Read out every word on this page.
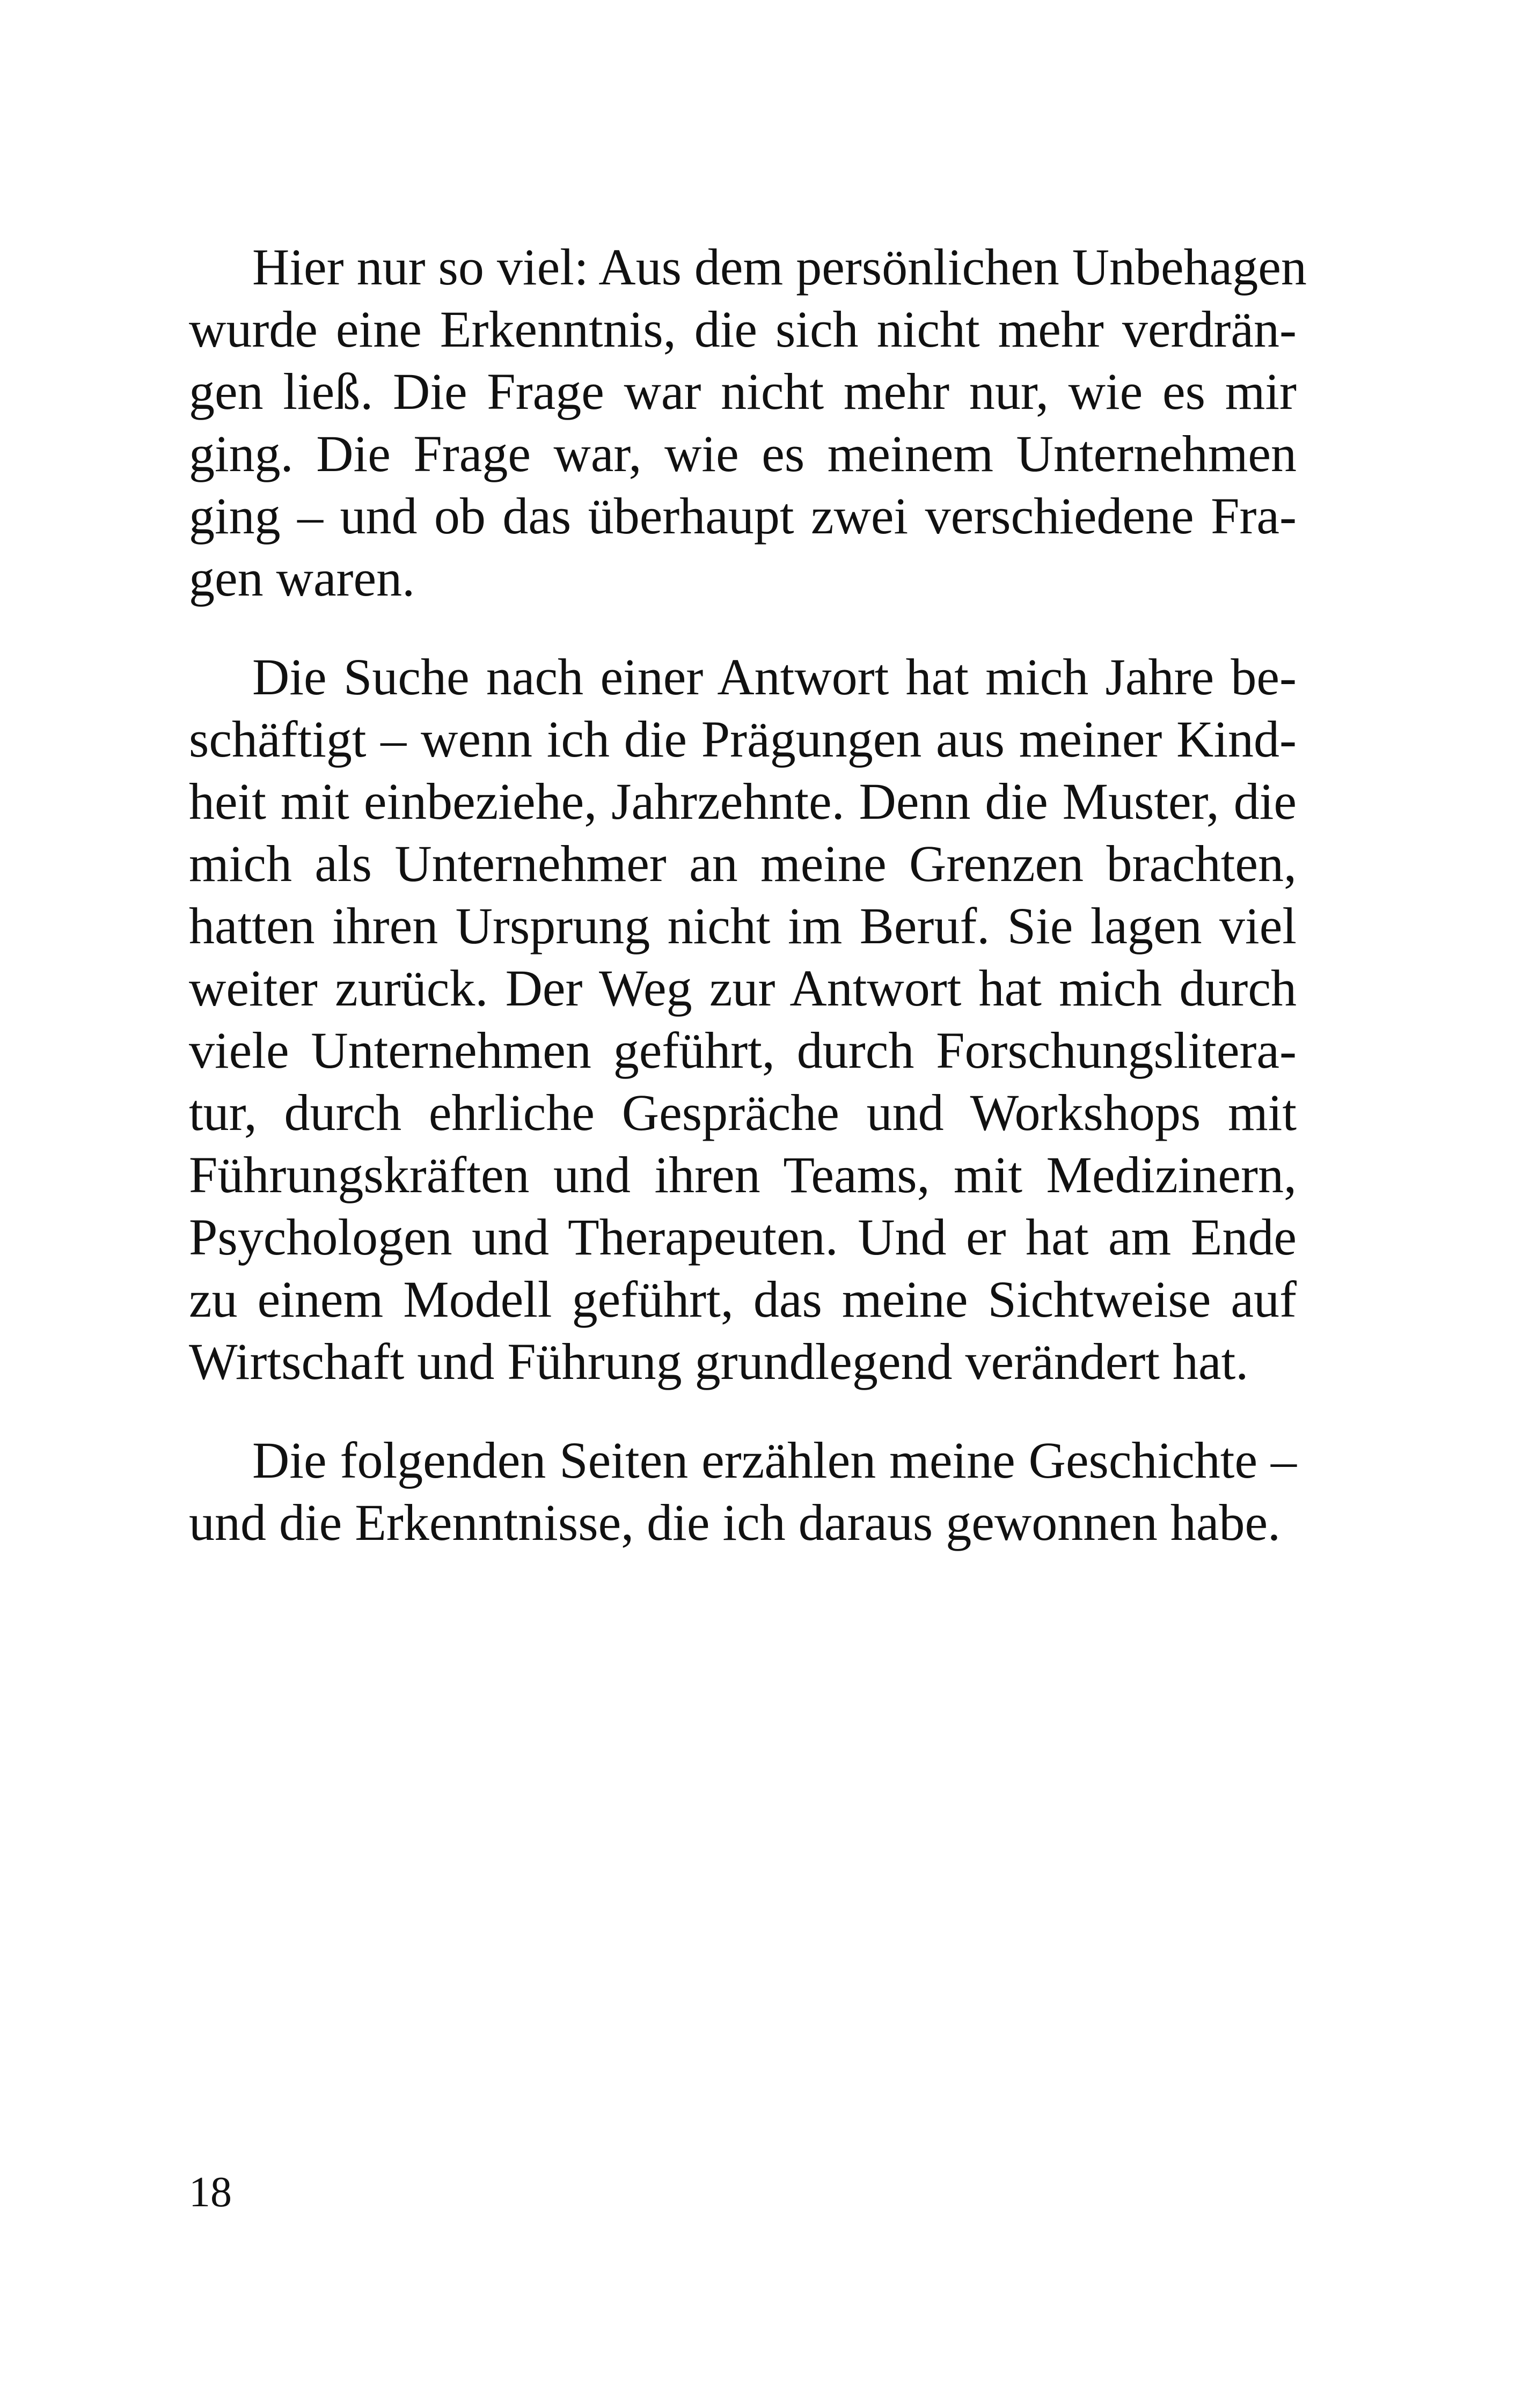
Hier nur so viel: Aus dem persönlichen Unbehagen
wurde eine Erkenntnis, die sich nicht mehr verdrän-
gen ließ. Die Frage war nicht mehr nur, wie es mir
ging. Die Frage war, wie es meinem Unternehmen
ging – und ob das überhaupt zwei verschiedene Fra-
gen waren.
Die Suche nach einer Antwort hat mich Jahre be-
schäftigt – wenn ich die Prägungen aus meiner Kind-
heit mit einbeziehe, Jahrzehnte. Denn die Muster, die
mich als Unternehmer an meine Grenzen brachten,
hatten ihren Ursprung nicht im Beruf. Sie lagen viel
weiter zurück. Der Weg zur Antwort hat mich durch
viele Unternehmen geführt, durch Forschungslitera-
tur, durch ehrliche Gespräche und Workshops mit
Führungskräften und ihren Teams, mit Medizinern,
Psychologen und Therapeuten. Und er hat am Ende
zu einem Modell geführt, das meine Sichtweise auf
Wirtschaft und Führung grundlegend verändert hat.
Die folgenden Seiten erzählen meine Geschichte –
und die Erkenntnisse, die ich daraus gewonnen habe.
18
